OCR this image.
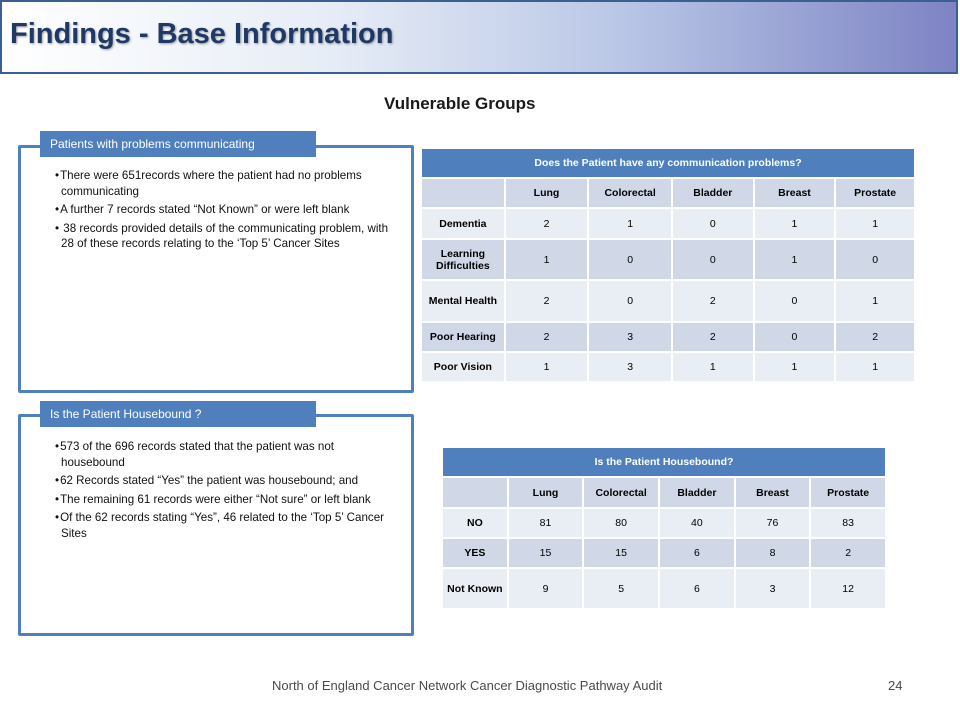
Findings - Base Information
Vulnerable Groups
• There were 651records where the patient had no problems communicating
• A further 7 records stated “Not Known” or were left blank
• 38 records provided details of the communicating problem, with 28 of these records relating to the ‘Top 5’ Cancer Sites
Patients with problems communicating
• 573 of the 696 records stated that the patient was not housebound
• 62 Records stated “Yes” the patient was housebound; and
• The remaining 61 records were either “Not sure” or left blank
• Of the 62 records stating “Yes”, 46 related to the ‘Top 5’ Cancer Sites
Is the Patient Housebound ?
Does the Patient have any communication problems?					
	Lung	Colorectal	Bladder	Breast	Prostate
Dementia	2	1	0	1	1
Learning Difficulties	1	0	0	1	0
Mental Health	2	0	2	0	1
Poor Hearing	2	3	2	0	2
Poor Vision	1	3	1	1	1
Is the Patient Housebound?					
	Lung	Colorectal	Bladder	Breast	Prostate
NO	81	80	40	76	83
YES	15	15	6	8	2
Not Known	9	5	6	3	12
North of England Cancer Network Cancer Diagnostic Pathway Audit	24
